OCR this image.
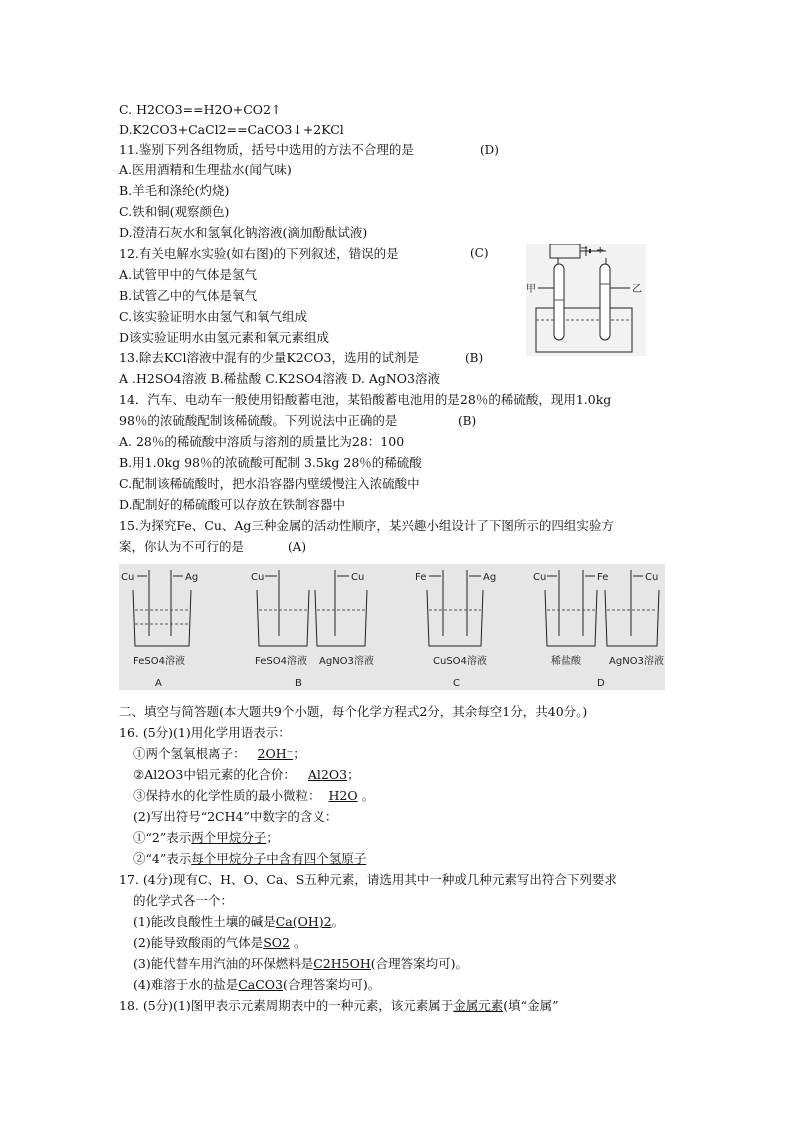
C. H2CO3==H2O+CO2↑
D.K2CO3+CaCl2==CaCO3↓+2KCl
11.鉴别下列各组物质，括号中选用的方法不合理的是	(D)
A.医用酒精和生理盐水(闻气味)
B.羊毛和涤纶(灼烧)
C.铁和铜(观察颜色)
D.澄清石灰水和氢氧化钠溶液(滴加酚酞试液)
12.有关电解水实验(如右图)的下列叙述，错误的是	(C)
A.试管甲中的气体是氢气
B.试管乙中的气体是氧气
C.该实验证明水由氢气和氧气组成
D该实验证明水由氢元素和氧元素组成
13.除去KCl溶液中混有的少量K2CO3，选用的试剂是	(B)
A .H2SO4溶液 B.稀盐酸 C.K2SO4溶液 D. AgNO3溶液
14．汽车、电动车一般使用铅酸蓄电池，某铅酸蓄电池用的是28％的稀硫酸，现用1.0kg
98％的浓硫酸配制该稀硫酸。下列说法中正确的是	(B)
A. 28％的稀硫酸中溶质与溶剂的质量比为28：100
B.用1.0kg 98％的浓硫酸可配制 3.5kg 28％的稀硫酸
C.配制该稀硫酸时，把水沿容器内壁缓慢注入浓硫酸中
D.配制好的稀硫酸可以存放在铁制容器中
15.为探究Fe、Cu、Ag三种金属的活动性顺序，某兴趣小组设计了下图所示的四组实验方
案，你认为不可行的是	(A)
− +
甲	乙
Cu	Ag
FeSO4溶液
A
Cu	Cu
FeSO4溶液 AgNO3溶液
B
Fe	Ag
CuSO4溶液
C
Cu	Fe	Cu
稀盐酸	AgNO3溶液
D
二、填空与简答题(本大题共9个小题，每个化学方程式2分，其余每空1分，共40分。)
16. (5分)(1)用化学用语表示：
①两个氢氧根离子： 2OH⁻；
②Al2O3中铝元素的化合价： Al2O3；
③保持水的化学性质的最小微粒： H2O 。
(2)写出符号“2CH4”中数字的含义：
①“2”表示两个甲烷分子；
②“4”表示每个甲烷分子中含有四个氢原子
17. (4分)现有C、H、O、Ca、S五种元素，请选用其中一种或几种元素写出符合下列要求
的化学式各一个：
(1)能改良酸性土壤的碱是Ca(OH)2。
(2)能导致酸雨的气体是SO2 。
(3)能代替车用汽油的环保燃料是C2H5OH(合理答案均可)。
(4)难溶于水的盐是CaCO3(合理答案均可)。
18. (5分)(1)图甲表示元素周期表中的一种元素，该元素属于金属元素(填“金属”
